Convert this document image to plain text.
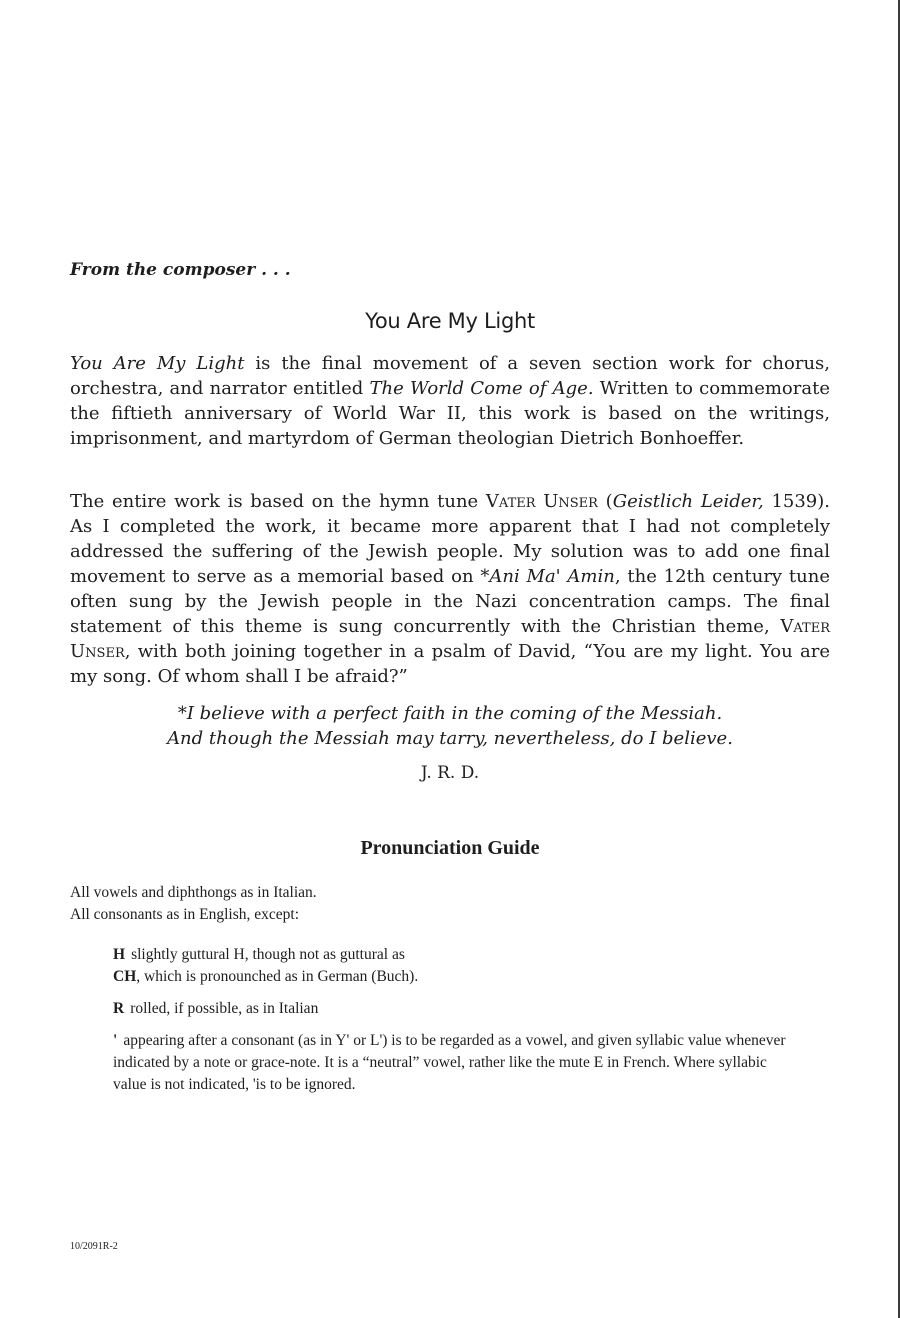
From the composer . . .
You Are My Light

You Are My Light is the final movement of a seven section work for chorus, orchestra, and narrator entitled The World Come of Age. Written to commemorate the fiftieth anniversary of World War II, this work is based on the writings, imprisonment, and martyrdom of German theologian Dietrich Bonhoeffer.

The entire work is based on the hymn tune Vater Unser (Geistlich Leider, 1539). As I completed the work, it became more apparent that I had not completely addressed the suffering of the Jewish people. My solution was to add one final movement to serve as a memorial based on *Ani Ma' Amin, the 12th century tune often sung by the Jewish people in the Nazi concentration camps. The final statement of this theme is sung concurrently with the Christian theme, Vater Unser, with both joining together in a psalm of David, “You are my light. You are my song. Of whom shall I be afraid?”

*I believe with a perfect faith in the coming of the Messiah.
And though the Messiah may tarry, nevertheless, do I believe.
J. R. D.
Pronunciation Guide
All vowels and diphthongs as in Italian.
All consonants as in English, except:
H slightly guttural H, though not as guttural as
CH, which is pronounched as in German (Buch).
R rolled, if possible, as in Italian
' appearing after a consonant (as in Y' or L') is to be regarded as a vowel, and given syllabic value whenever indicated by a note or grace-note. It is a “neutral” vowel, rather like the mute E in French. Where syllabic value is not indicated, 'is to be ignored.
10/2091R-2
